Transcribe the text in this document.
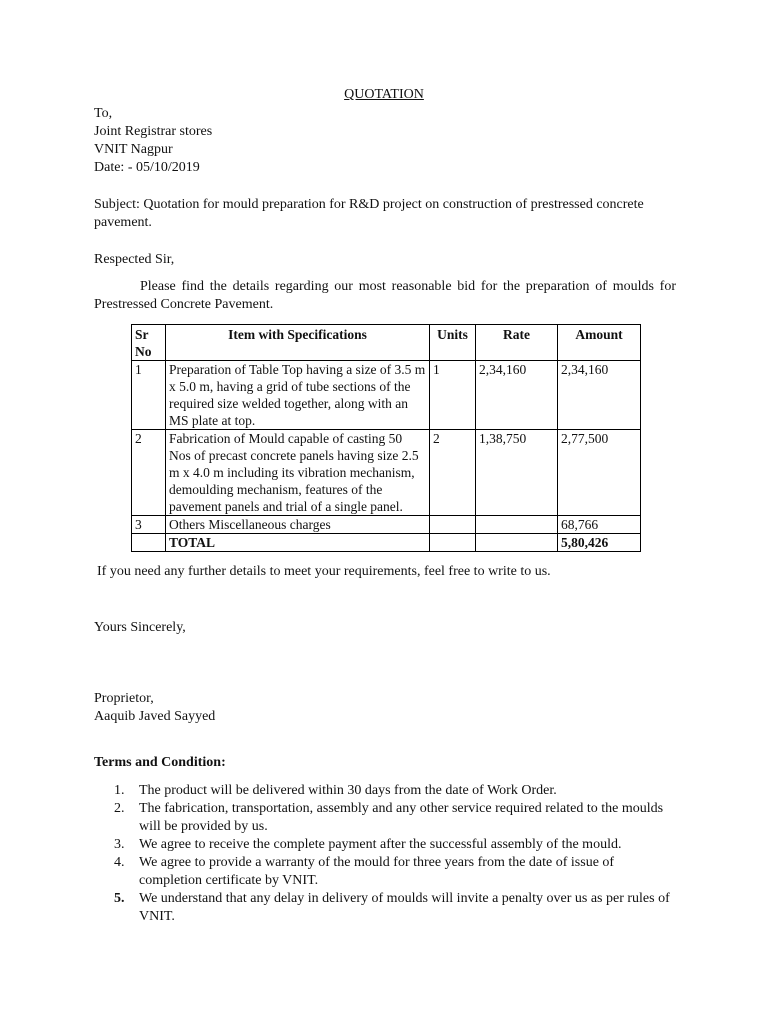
QUOTATION
To,
Joint Registrar stores
VNIT Nagpur
Date: - 05/10/2019
Subject: Quotation for mould preparation for R&D project on construction of prestressed concrete pavement.
Respected Sir,
Please find the details regarding our most reasonable bid for the preparation of moulds for Prestressed Concrete Pavement.
Sr No	Item with Specifications	Units	Rate	Amount
1	Preparation of Table Top having a size of 3.5 m x 5.0 m, having a grid of tube sections of the required size welded together, along with an MS plate at top.	1	2,34,160	2,34,160
2	Fabrication of Mould capable of casting 50 Nos of precast concrete panels having size 2.5 m x 4.0 m including its vibration mechanism, demoulding mechanism, features of the pavement panels and trial of a single panel.	2	1,38,750	2,77,500
3	Others Miscellaneous charges			68,766
	TOTAL			5,80,426
If you need any further details to meet your requirements, feel free to write to us.
Yours Sincerely,
Proprietor,
Aaquib Javed Sayyed
Terms and Condition:
1. The product will be delivered within 30 days from the date of Work Order.
2. The fabrication, transportation, assembly and any other service required related to the moulds will be provided by us.
3. We agree to receive the complete payment after the successful assembly of the mould.
4. We agree to provide a warranty of the mould for three years from the date of issue of completion certificate by VNIT.
5. We understand that any delay in delivery of moulds will invite a penalty over us as per rules of VNIT.
